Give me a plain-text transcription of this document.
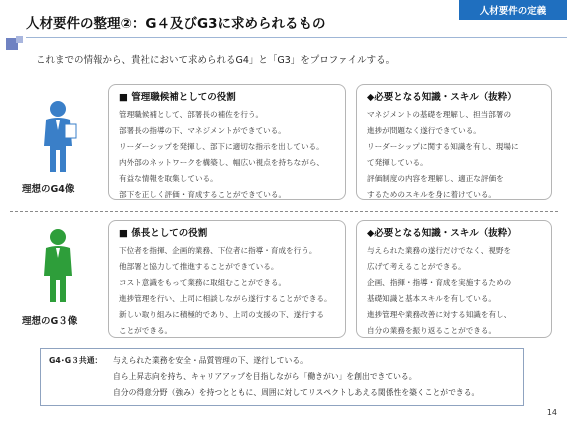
人材要件の整理②：G４及びG3に求められるもの
人材要件の定義
これまでの情報から、貴社において求められるG4」と「G3」をプロファイルする。
理想のG4像
■ 管理職候補としての役割
管理職候補として、部署長の補佐を行う。
部署長の指導の下、マネジメントができている。
リーダーシップを発揮し、部下に適切な指示を出している。
内外部のネットワークを構築し、幅広い視点を持ちながら、
有益な情報を取集している。
部下を正しく評価・育成することができている。
◆必要となる知識・スキル（抜粋）
マネジメントの基礎を理解し、担当部署の
進捗が問題なく遂行できている。
リーダーシップに関する知識を有し、現場に
て発揮している。
評価制度の内容を理解し、適正な評価を
するためのスキルを身に着けている。
理想のG３像
■ 係長としての役割
下位者を指揮、企画的業務、下位者に指導・育成を行う。
他部署と協力して推進することができている。
コスト意識をもって業務に取組むことができる。
進捗管理を行い、上司に相談しながら遂行することができる。
新しい取り組みに積極的であり、上司の支援の下、遂行する
ことができる。
◆必要となる知識・スキル（抜粋）
与えられた業務の遂行だけでなく、視野を
広げて考えることができる。
企画、指揮・指導・育成を実施するための
基礎知識と基本スキルを有している。
進捗管理や業務改善に対する知識を有し、
自分の業務を振り返ることができる。
G4･G３共通：	与えられた業務を安全・品質管理の下、遂行している。
自ら上昇志向を持ち、キャリアアップを目指しながら「働きがい」を創出できている。
自分の得意分野（強み）を持つとともに、周囲に対してリスペクトしあえる関係性を築くことができる。
14
